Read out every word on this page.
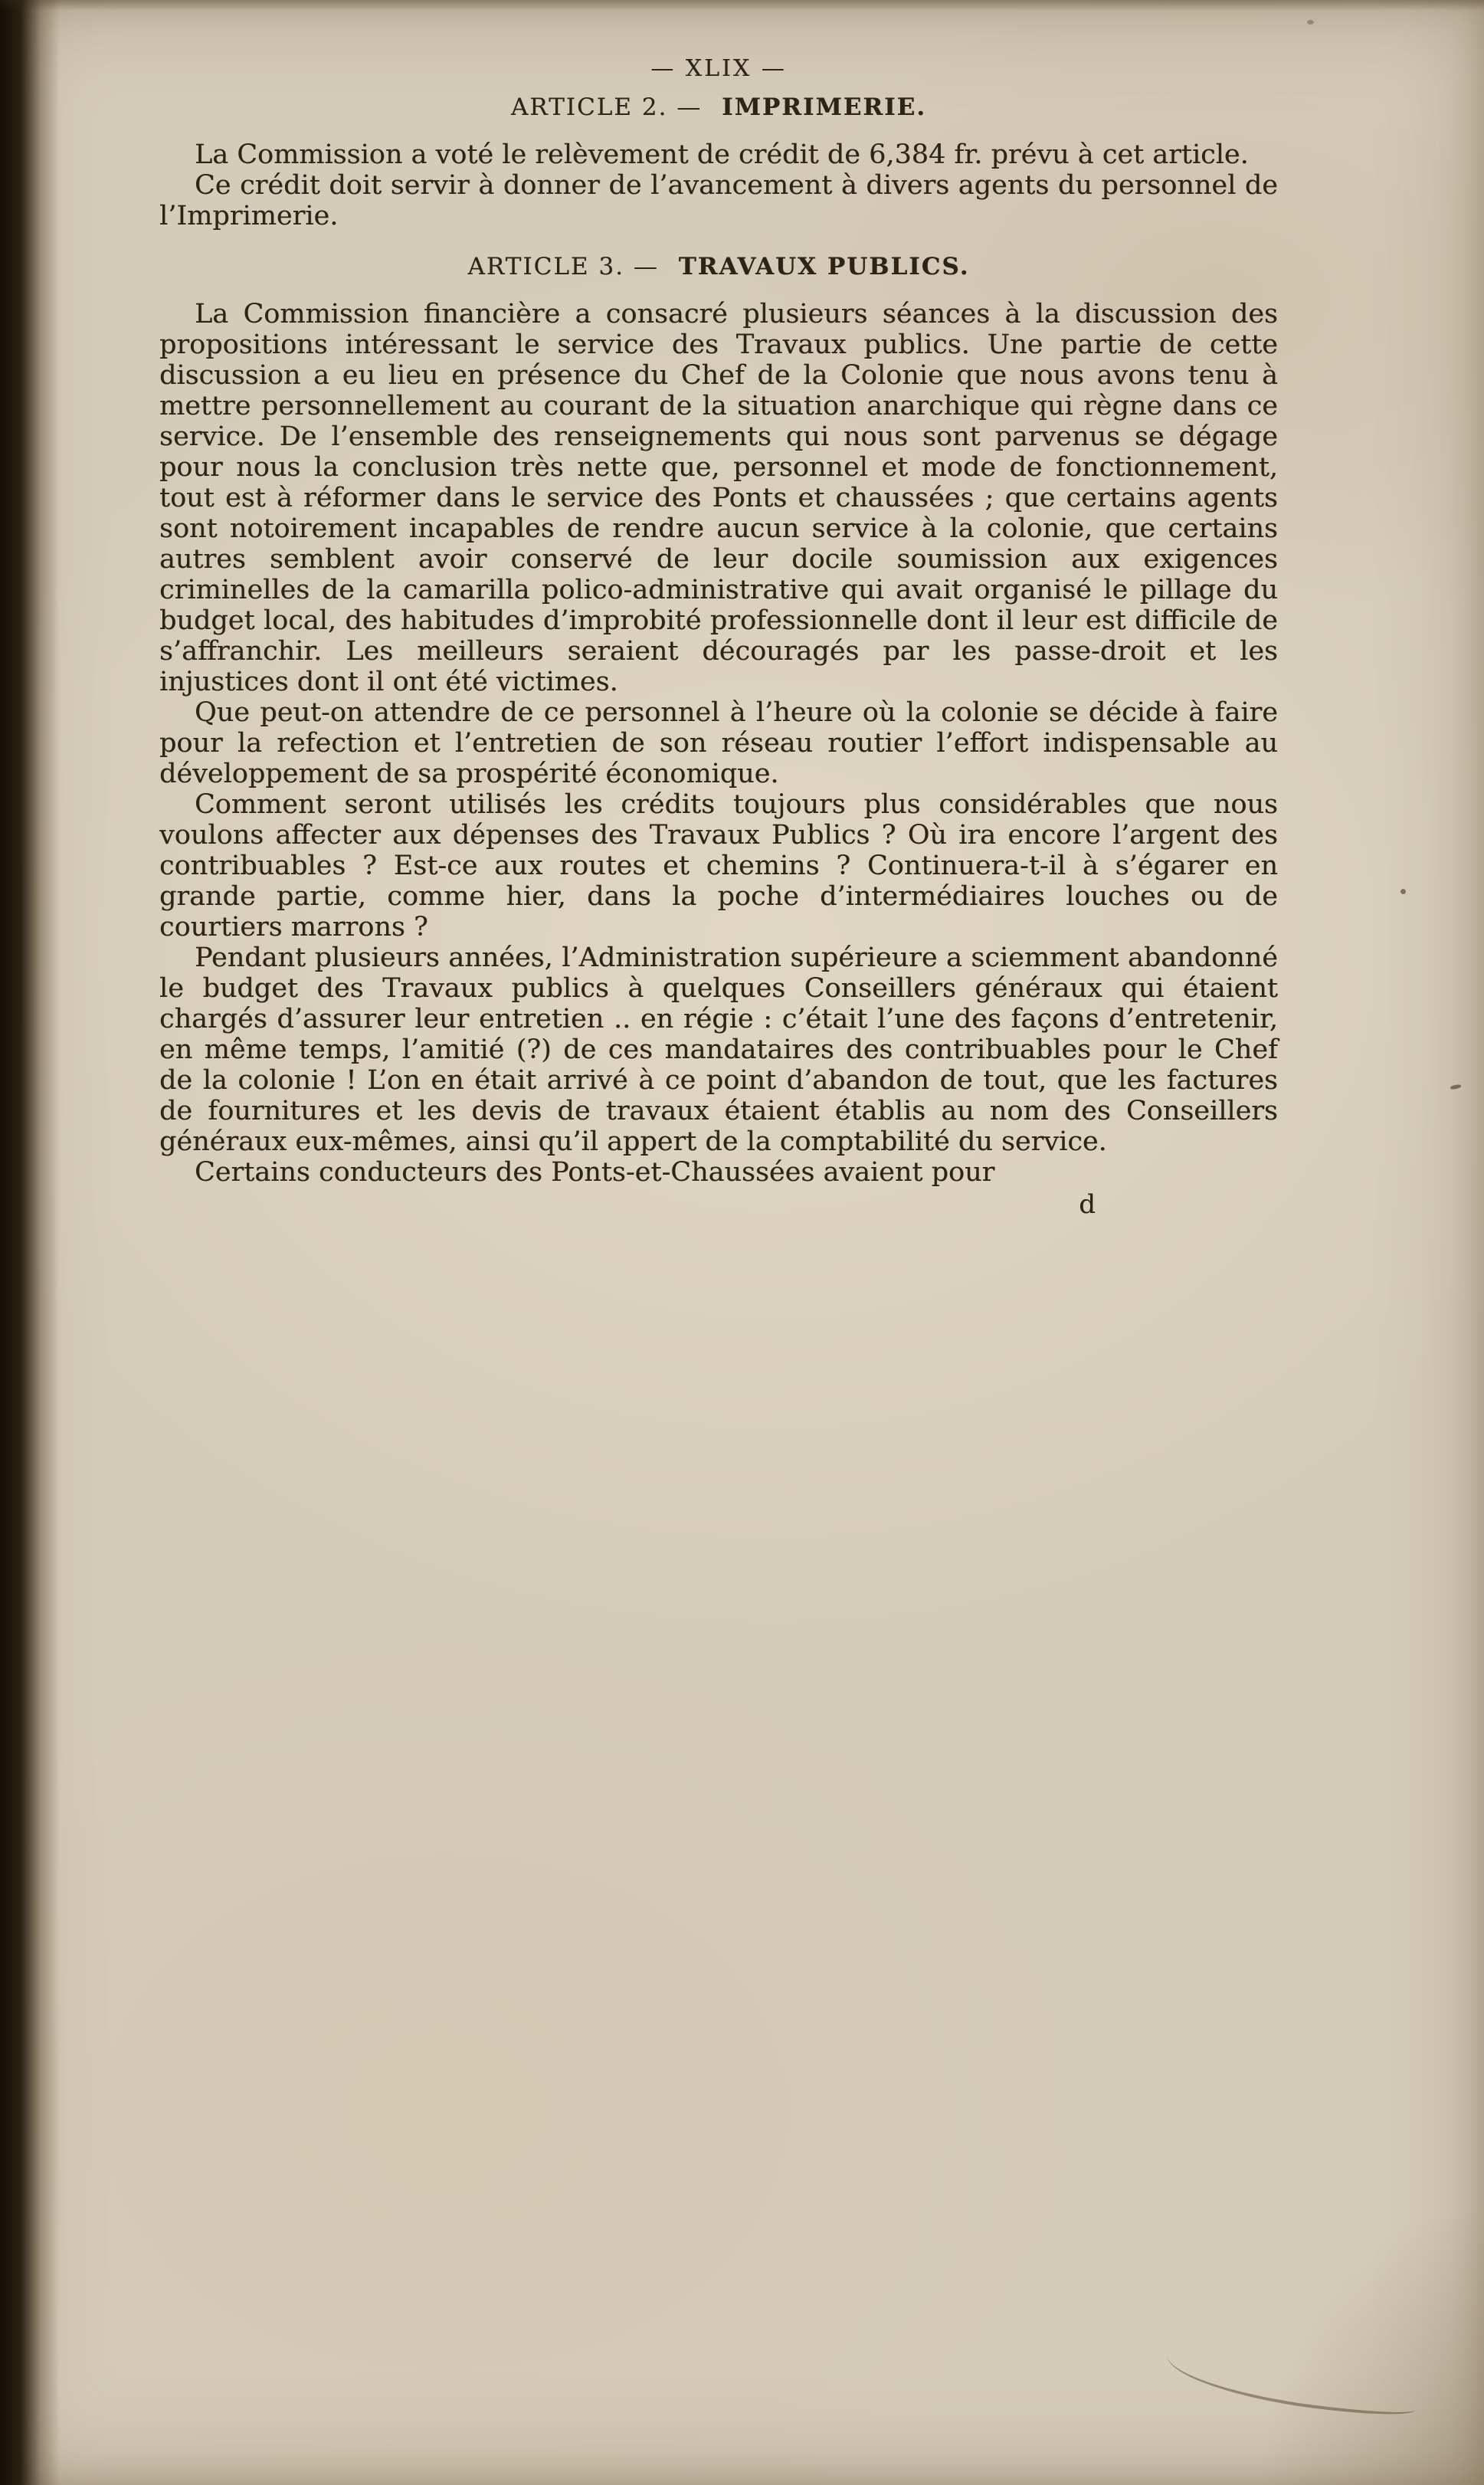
— XLIX —
ARTICLE 2. — IMPRIMERIE.

La Commission a voté le relèvement de crédit de 6,384 fr. prévu à cet article.

Ce crédit doit servir à donner de l’avancement à divers agents du personnel de l’Imprimerie.

ARTICLE 3. — TRAVAUX PUBLICS.

La Commission financière a consacré plusieurs séances à la discussion des propositions intéressant le service des Travaux publics. Une partie de cette discussion a eu lieu en présence du Chef de la Colonie que nous avons tenu à mettre personnellement au courant de la situation anarchique qui règne dans ce service. De l’ensemble des renseignements qui nous sont parvenus se dégage pour nous la conclusion très nette que, personnel et mode de fonctionnement, tout est à réformer dans le service des Ponts et chaussées ; que certains agents sont notoirement incapables de rendre aucun service à la colonie, que certains autres semblent avoir conservé de leur docile soumission aux exigences criminelles de la camarilla polico-administrative qui avait organisé le pillage du budget local, des habitudes d’improbité professionnelle dont il leur est difficile de s’affranchir. Les meilleurs seraient découragés par les passe-droit et les injustices dont il ont été victimes.

Que peut-on attendre de ce personnel à l’heure où la colonie se décide à faire pour la refection et l’entretien de son réseau routier l’effort indispensable au développement de sa prospérité économique.

Comment seront utilisés les crédits toujours plus considérables que nous voulons affecter aux dépenses des Travaux Publics ? Où ira encore l’argent des contribuables ? Est-ce aux routes et chemins ? Continuera-t-il à s’égarer en grande partie, comme hier, dans la poche d’intermédiaires louches ou de courtiers marrons ?

Pendant plusieurs années, l’Administration supérieure a sciemment abandonné le budget des Travaux publics à quelques Conseillers généraux qui étaient chargés d’assurer leur entretien .. en régie : c’était l’une des façons d’entretenir, en même temps, l’amitié (?) de ces mandataires des contribuables pour le Chef de la colonie ! L’on en était arrivé à ce point d’abandon de tout, que les factures de fournitures et les devis de travaux étaient établis au nom des Conseillers généraux eux-mêmes, ainsi qu’il appert de la comptabilité du service.

Certains conducteurs des Ponts-et-Chaussées avaient pour

d
